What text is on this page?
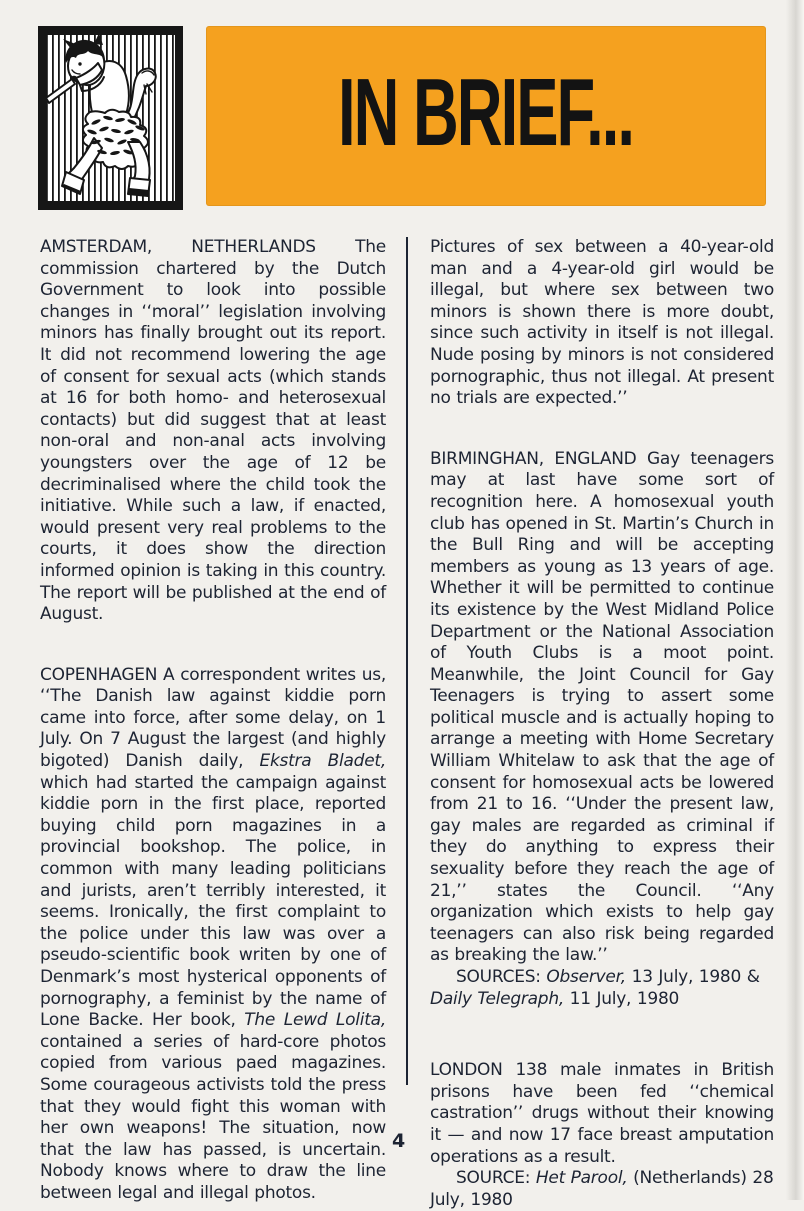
IN BRIEF...

AMSTERDAM, NETHERLANDS The commission chartered by the Dutch Government to look into possible changes in ‘‘moral’’ legislation involving minors has finally brought out its report. It did not recommend lowering the age of consent for sexual acts (which stands at 16 for both homo- and heterosexual contacts) but did suggest that at least non-oral and non-anal acts involving youngsters over the age of 12 be decriminalised where the child took the initiative. While such a law, if enacted, would present very real problems to the courts, it does show the direction informed opinion is taking in this country. The report will be published at the end of August.

COPENHAGEN A correspondent writes us, ‘‘The Danish law against kiddie porn came into force, after some delay, on 1 July. On 7 August the largest (and highly bigoted) Danish daily, Ekstra Bladet, which had started the campaign against kiddie porn in the first place, reported buying child porn magazines in a provincial bookshop. The police, in common with many leading politicians and jurists, aren’t terribly interested, it seems. Ironically, the first complaint to the police under this law was over a pseudo-scientific book writen by one of Denmark’s most hysterical opponents of pornography, a feminist by the name of Lone Backe. Her book, The Lewd Lolita, contained a series of hard-core photos copied from various paed magazines. Some courageous activists told the press that they would fight this woman with her own weapons! The situation, now that the law has passed, is uncertain. Nobody knows where to draw the line between legal and illegal photos.

Pictures of sex between a 40-year-old man and a 4-year-old girl would be illegal, but where sex between two minors is shown there is more doubt, since such activity in itself is not illegal. Nude posing by minors is not considered pornographic, thus not illegal. At present no trials are expected.’’

BIRMINGHAN, ENGLAND Gay teenagers may at last have some sort of recognition here. A homosexual youth club has opened in St. Martin’s Church in the Bull Ring and will be accepting members as young as 13 years of age. Whether it will be permitted to continue its existence by the West Midland Police Department or the National Association of Youth Clubs is a moot point. Meanwhile, the Joint Council for Gay Teenagers is trying to assert some political muscle and is actually hoping to arrange a meeting with Home Secretary William Whitelaw to ask that the age of consent for homosexual acts be lowered from 21 to 16. ‘‘Under the present law, gay males are regarded as criminal if they do anything to express their sexuality before they reach the age of 21,’’ states the Council. ‘‘Any organization which exists to help gay teenagers can also risk being regarded as breaking the law.’’

SOURCES: Observer, 13 July, 1980 & Daily Telegraph, 11 July, 1980

LONDON 138 male inmates in British prisons have been fed ‘‘chemical castration’’ drugs without their knowing it — and now 17 face breast amputation operations as a result.

SOURCE: Het Parool, (Netherlands) 28 July, 1980

4
